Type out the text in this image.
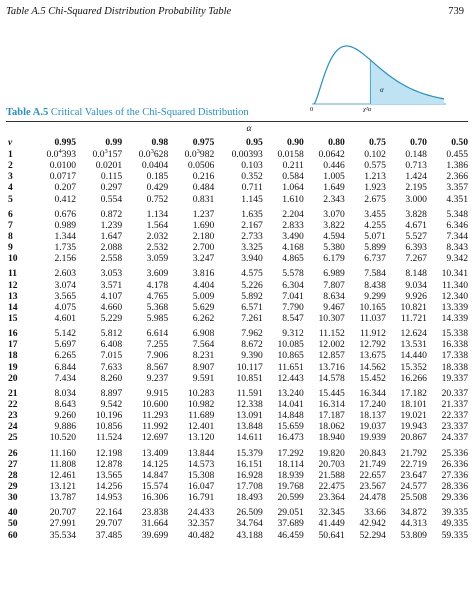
Table A.5 Chi-Squared Distribution Probability Table	739
α
0	χ²α
Table A.5 Critical Values of the Chi-Squared Distribution
	α									
v	0.995	0.99	0.98	0.975	0.95	0.90	0.80	0.75	0.70	0.50
1	$0.0^4393$	$0.0^3157$	$0.0^3628$	$0.0^3982$	0.00393	0.0158	0.0642	0.102	0.148	0.455
2	0.0100	0.0201	0.0404	0.0506	0.103	0.211	0.446	0.575	0.713	1.386
3	0.0717	0.115	0.185	0.216	0.352	0.584	1.005	1.213	1.424	2.366
4	0.207	0.297	0.429	0.484	0.711	1.064	1.649	1.923	2.195	3.357
5	0.412	0.554	0.752	0.831	1.145	1.610	2.343	2.675	3.000	4.351

6	0.676	0.872	1.134	1.237	1.635	2.204	3.070	3.455	3.828	5.348
7	0.989	1.239	1.564	1.690	2.167	2.833	3.822	4.255	4.671	6.346
8	1.344	1.647	2.032	2.180	2.733	3.490	4.594	5.071	5.527	7.344
9	1.735	2.088	2.532	2.700	3.325	4.168	5.380	5.899	6.393	8.343
10	2.156	2.558	3.059	3.247	3.940	4.865	6.179	6.737	7.267	9.342

11	2.603	3.053	3.609	3.816	4.575	5.578	6.989	7.584	8.148	10.341
12	3.074	3.571	4.178	4.404	5.226	6.304	7.807	8.438	9.034	11.340
13	3.565	4.107	4.765	5.009	5.892	7.041	8.634	9.299	9.926	12.340
14	4.075	4.660	5.368	5.629	6.571	7.790	9.467	10.165	10.821	13.339
15	4.601	5.229	5.985	6.262	7.261	8.547	10.307	11.037	11.721	14.339

16	5.142	5.812	6.614	6.908	7.962	9.312	11.152	11.912	12.624	15.338
17	5.697	6.408	7.255	7.564	8.672	10.085	12.002	12.792	13.531	16.338
18	6.265	7.015	7.906	8.231	9.390	10.865	12.857	13.675	14.440	17.338
19	6.844	7.633	8.567	8.907	10.117	11.651	13.716	14.562	15.352	18.338
20	7.434	8.260	9.237	9.591	10.851	12.443	14.578	15.452	16.266	19.337

21	8.034	8.897	9.915	10.283	11.591	13.240	15.445	16.344	17.182	20.337
22	8.643	9.542	10.600	10.982	12.338	14.041	16.314	17.240	18.101	21.337
23	9.260	10.196	11.293	11.689	13.091	14.848	17.187	18.137	19.021	22.337
24	9.886	10.856	11.992	12.401	13.848	15.659	18.062	19.037	19.943	23.337
25	10.520	11.524	12.697	13.120	14.611	16.473	18.940	19.939	20.867	24.337

26	11.160	12.198	13.409	13.844	15.379	17.292	19.820	20.843	21.792	25.336
27	11.808	12.878	14.125	14.573	16.151	18.114	20.703	21.749	22.719	26.336
28	12.461	13.565	14.847	15.308	16.928	18.939	21.588	22.657	23.647	27.336
29	13.121	14.256	15.574	16.047	17.708	19.768	22.475	23.567	24.577	28.336
30	13.787	14.953	16.306	16.791	18.493	20.599	23.364	24.478	25.508	29.336

40	20.707	22.164	23.838	24.433	26.509	29.051	32.345	33.66	34.872	39.335
50	27.991	29.707	31.664	32.357	34.764	37.689	41.449	42.942	44.313	49.335
60	35.534	37.485	39.699	40.482	43.188	46.459	50.641	52.294	53.809	59.335
